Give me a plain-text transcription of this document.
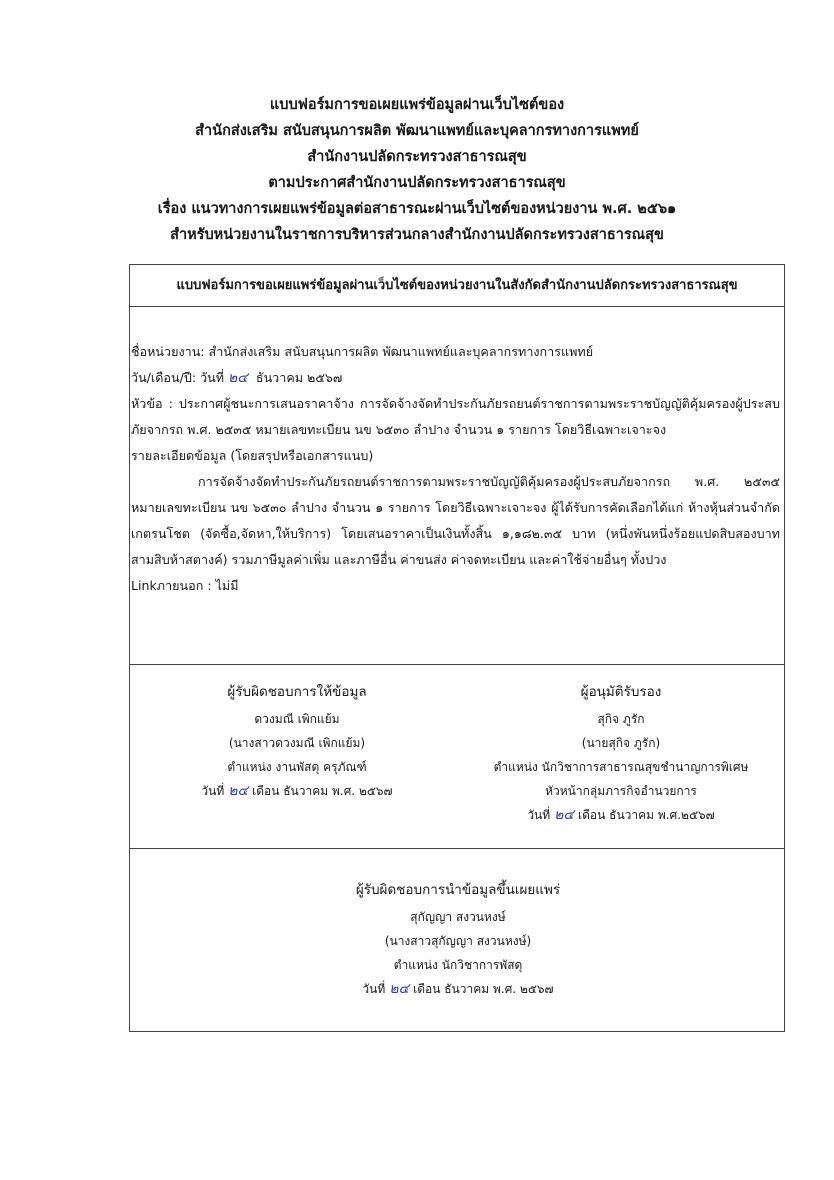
แบบฟอร์มการขอเผยแพร่ข้อมูลผ่านเว็บไซต์ของ
สำนักส่งเสริม สนับสนุนการผลิต พัฒนาแพทย์และบุคลากรทางการแพทย์
สำนักงานปลัดกระทรวงสาธารณสุข
ตามประกาศสำนักงานปลัดกระทรวงสาธารณสุข
เรื่อง แนวทางการเผยแพร่ข้อมูลต่อสาธารณะผ่านเว็บไซต์ของหน่วยงาน พ.ศ. ๒๕๖๑
สำหรับหน่วยงานในราชการบริหารส่วนกลางสำนักงานปลัดกระทรวงสาธารณสุข
แบบฟอร์มการขอเผยแพร่ข้อมูลผ่านเว็บไซต์ของหน่วยงานในสังกัดสำนักงานปลัดกระทรวงสาธารณสุข
ชื่อหน่วยงาน: สำนักส่งเสริม สนับสนุนการผลิต พัฒนาแพทย์และบุคลากรทางการแพทย์
วัน/เดือน/ปี: วันที่ ๒๔ ธันวาคม ๒๕๖๗
หัวข้อ : ประกาศผู้ชนะการเสนอราคาจ้าง การจัดจ้างจัดทำประกันภัยรถยนต์ราชการตามพระราชบัญญัติคุ้มครองผู้ประสบภัยจากรถ พ.ศ. ๒๕๓๕ หมายเลขทะเบียน นข ๖๕๓๐ ลำปาง จำนวน ๑ รายการ โดยวิธีเฉพาะเจาะจง
รายละเอียดข้อมูล (โดยสรุปหรือเอกสารแนบ)
การจัดจ้างจัดทำประกันภัยรถยนต์ราชการตามพระราชบัญญัติคุ้มครองผู้ประสบภัยจากรถ พ.ศ. ๒๕๓๕ หมายเลขทะเบียน นข ๖๕๓๐ ลำปาง จำนวน ๑ รายการ โดยวิธีเฉพาะเจาะจง ผู้ได้รับการคัดเลือกได้แก่ ห้างหุ้นส่วนจำกัด เกตรนโชต (จัดซื้อ,จัดหา,ให้บริการ) โดยเสนอราคาเป็นเงินทั้งสิ้น ๑,๑๘๒.๓๕ บาท (หนึ่งพันหนึ่งร้อยแปดสิบสองบาทสามสิบห้าสตางค์) รวมภาษีมูลค่าเพิ่ม และภาษีอื่น ค่าขนส่ง ค่าจดทะเบียน และค่าใช้จ่ายอื่นๆ ทั้งปวง
Linkภายนอก : ไม่มี
ผู้รับผิดชอบการให้ข้อมูล
ดวงมณี เพิกแย้ม
(นางสาวดวงมณี เพิกแย้ม)
ตำแหน่ง งานพัสดุ ครุภัณฑ์
วันที่ ๒๔ เดือน ธันวาคม พ.ศ. ๒๕๖๗
ผู้อนุมัติรับรอง
สุกิจ ภูรัก
(นายสุกิจ ภูรัก)
ตำแหน่ง นักวิชาการสาธารณสุขชำนาญการพิเศษ
หัวหน้ากลุ่มภารกิจอำนวยการ
วันที่ ๒๔ เดือน ธันวาคม พ.ศ.๒๕๖๗
ผู้รับผิดชอบการนำข้อมูลขึ้นเผยแพร่
สุกัญญา สงวนหงษ์
(นางสาวสุกัญญา สงวนหงษ์)
ตำแหน่ง นักวิชาการพัสดุ
วันที่ ๒๔ เดือน ธันวาคม พ.ศ. ๒๕๖๗
